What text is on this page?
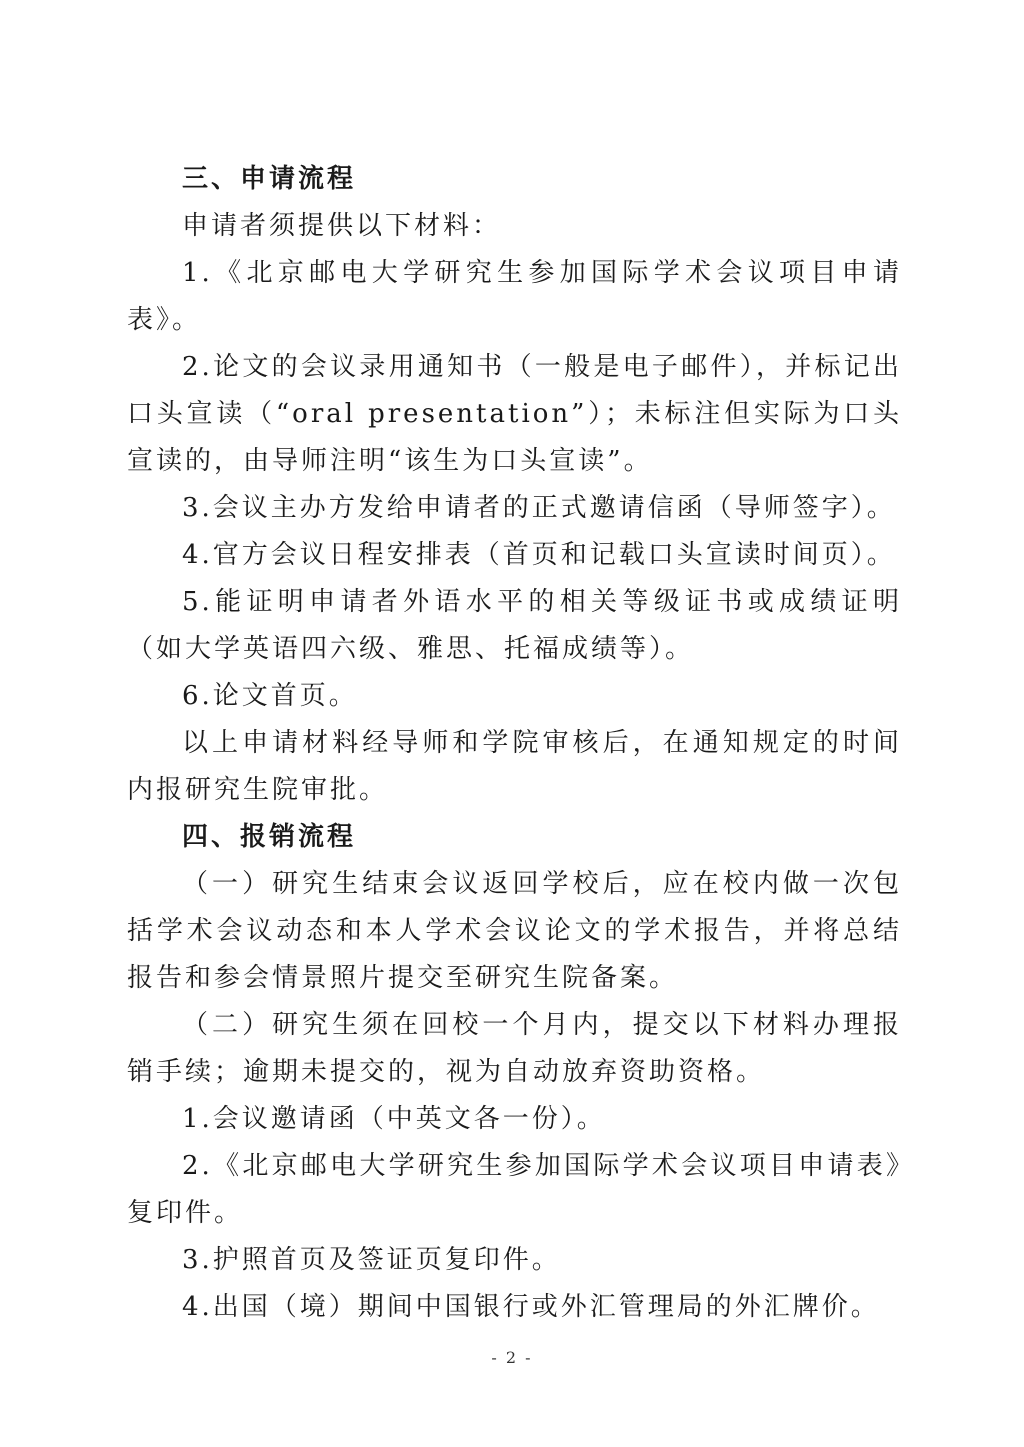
三、申请流程

申请者须提供以下材料：

1.《北京邮电大学研究生参加国际学术会议项目申请表》。

2.论文的会议录用通知书（一般是电子邮件），并标记出口头宣读（“oral presentation”）；未标注但实际为口头宣读的，由导师注明“该生为口头宣读”。

3.会议主办方发给申请者的正式邀请信函（导师签字）。

4.官方会议日程安排表（首页和记载口头宣读时间页）。

5.能证明申请者外语水平的相关等级证书或成绩证明（如大学英语四六级、雅思、托福成绩等）。

6.论文首页。

以上申请材料经导师和学院审核后，在通知规定的时间内报研究生院审批。

四、报销流程

（一）研究生结束会议返回学校后，应在校内做一次包括学术会议动态和本人学术会议论文的学术报告，并将总结报告和参会情景照片提交至研究生院备案。

（二）研究生须在回校一个月内，提交以下材料办理报销手续；逾期未提交的，视为自动放弃资助资格。

1.会议邀请函（中英文各一份）。

2.《北京邮电大学研究生参加国际学术会议项目申请表》复印件。

3.护照首页及签证页复印件。

4.出国（境）期间中国银行或外汇管理局的外汇牌价。

- 2 -
